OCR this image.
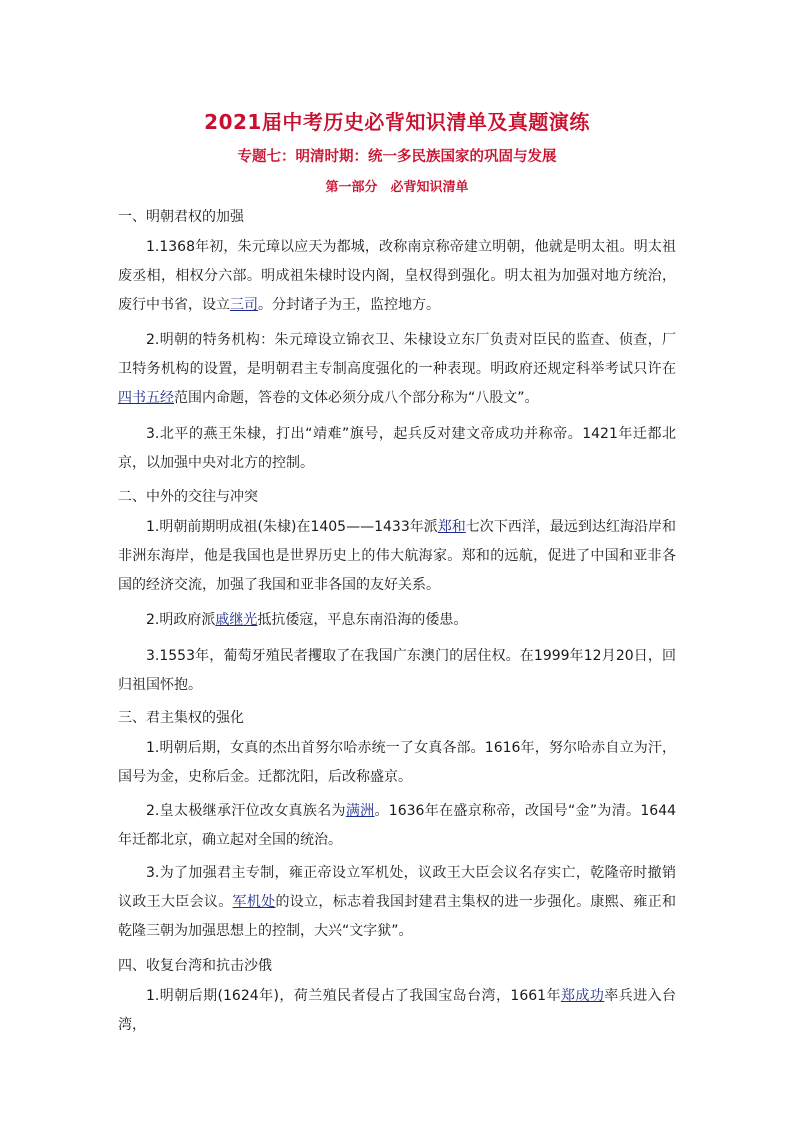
2021届中考历史必背知识清单及真题演练
专题七：明清时期：统一多民族国家的巩固与发展
第一部分　必背知识清单
一、明朝君权的加强
1.1368年初，朱元璋以应天为都城，改称南京称帝建立明朝，他就是明太祖。明太祖废丞相，相权分六部。明成祖朱棣时设内阁，皇权得到强化。明太祖为加强对地方统治，废行中书省，设立三司。分封诸子为王，监控地方。
2.明朝的特务机构：朱元璋设立锦衣卫、朱棣设立东厂负责对臣民的监查、侦查，厂卫特务机构的设置，是明朝君主专制高度强化的一种表现。明政府还规定科举考试只许在四书五经范围内命题，答卷的文体必须分成八个部分称为“八股文”。
3.北平的燕王朱棣，打出“靖难”旗号，起兵反对建文帝成功并称帝。1421年迁都北京，以加强中央对北方的控制。
二、中外的交往与冲突
1.明朝前期明成祖(朱棣)在1405——1433年派郑和七次下西洋，最远到达红海沿岸和非洲东海岸，他是我国也是世界历史上的伟大航海家。郑和的远航，促进了中国和亚非各国的经济交流，加强了我国和亚非各国的友好关系。
2.明政府派戚继光抵抗倭寇，平息东南沿海的倭患。
3.1553年，葡萄牙殖民者攫取了在我国广东澳门的居住权。在1999年12月20日，回归祖国怀抱。
三、君主集权的强化
1.明朝后期，女真的杰出首努尔哈赤统一了女真各部。1616年，努尔哈赤自立为汗，国号为金，史称后金。迁都沈阳，后改称盛京。
2.皇太极继承汗位改女真族名为满洲。1636年在盛京称帝，改国号“金”为清。1644年迁都北京，确立起对全国的统治。
3.为了加强君主专制，雍正帝设立军机处，议政王大臣会议名存实亡，乾隆帝时撤销议政王大臣会议。军机处的设立，标志着我国封建君主集权的进一步强化。康熙、雍正和乾隆三朝为加强思想上的控制，大兴“文字狱”。
四、收复台湾和抗击沙俄
1.明朝后期(1624年)，荷兰殖民者侵占了我国宝岛台湾，1661年郑成功率兵进入台湾，
